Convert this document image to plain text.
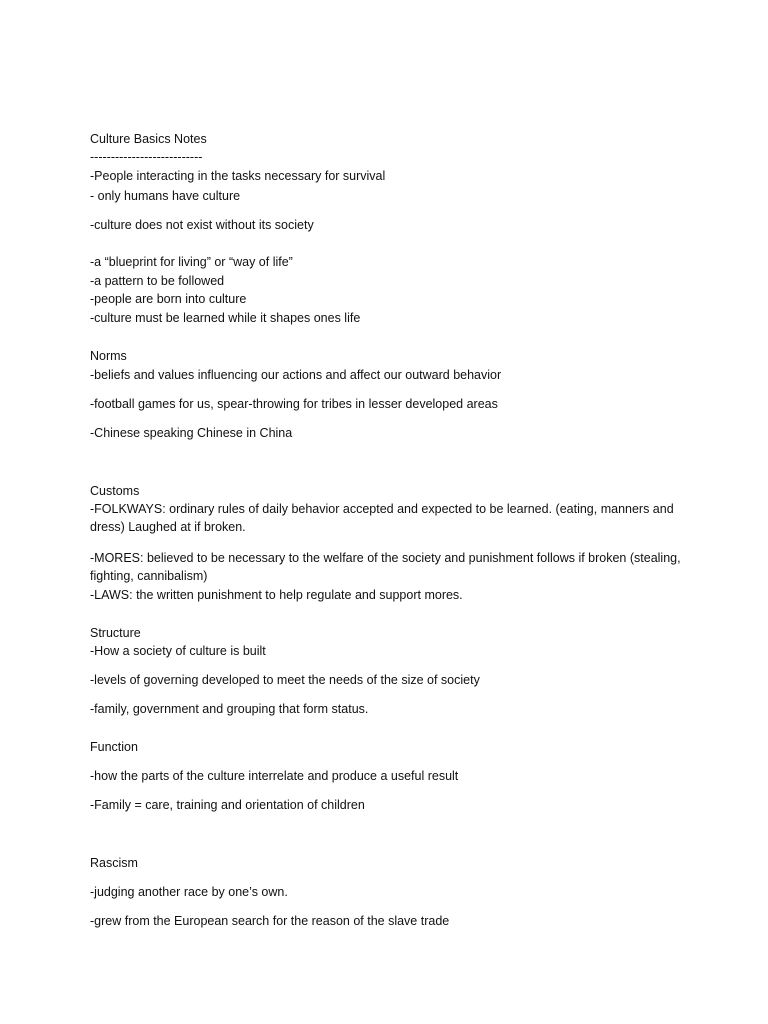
Culture Basics Notes
---------------------------
-People interacting in the tasks necessary for survival
- only humans have culture
-culture does not exist without its society
-a “blueprint for living” or “way of life”
-a pattern to be followed
-people are born into culture
-culture must be learned while it shapes ones life
Norms
-beliefs and values influencing our actions and affect our outward behavior
-football games for us, spear-throwing for tribes in lesser developed areas
-Chinese speaking Chinese in China
Customs
-FOLKWAYS: ordinary rules of daily behavior accepted and expected to be learned. (eating, manners and dress) Laughed at if broken.
-MORES: believed to be necessary to the welfare of the society and punishment follows if broken (stealing, fighting, cannibalism)
-LAWS: the written punishment to help regulate and support mores.
Structure
-How a society of culture is built
-levels of governing developed to meet the needs of the size of society
-family, government and grouping that form status.
Function
-how the parts of the culture interrelate and produce a useful result
-Family = care, training and orientation of children
Rascism
-judging another race by one’s own.
-grew from the European search for the reason of the slave trade
